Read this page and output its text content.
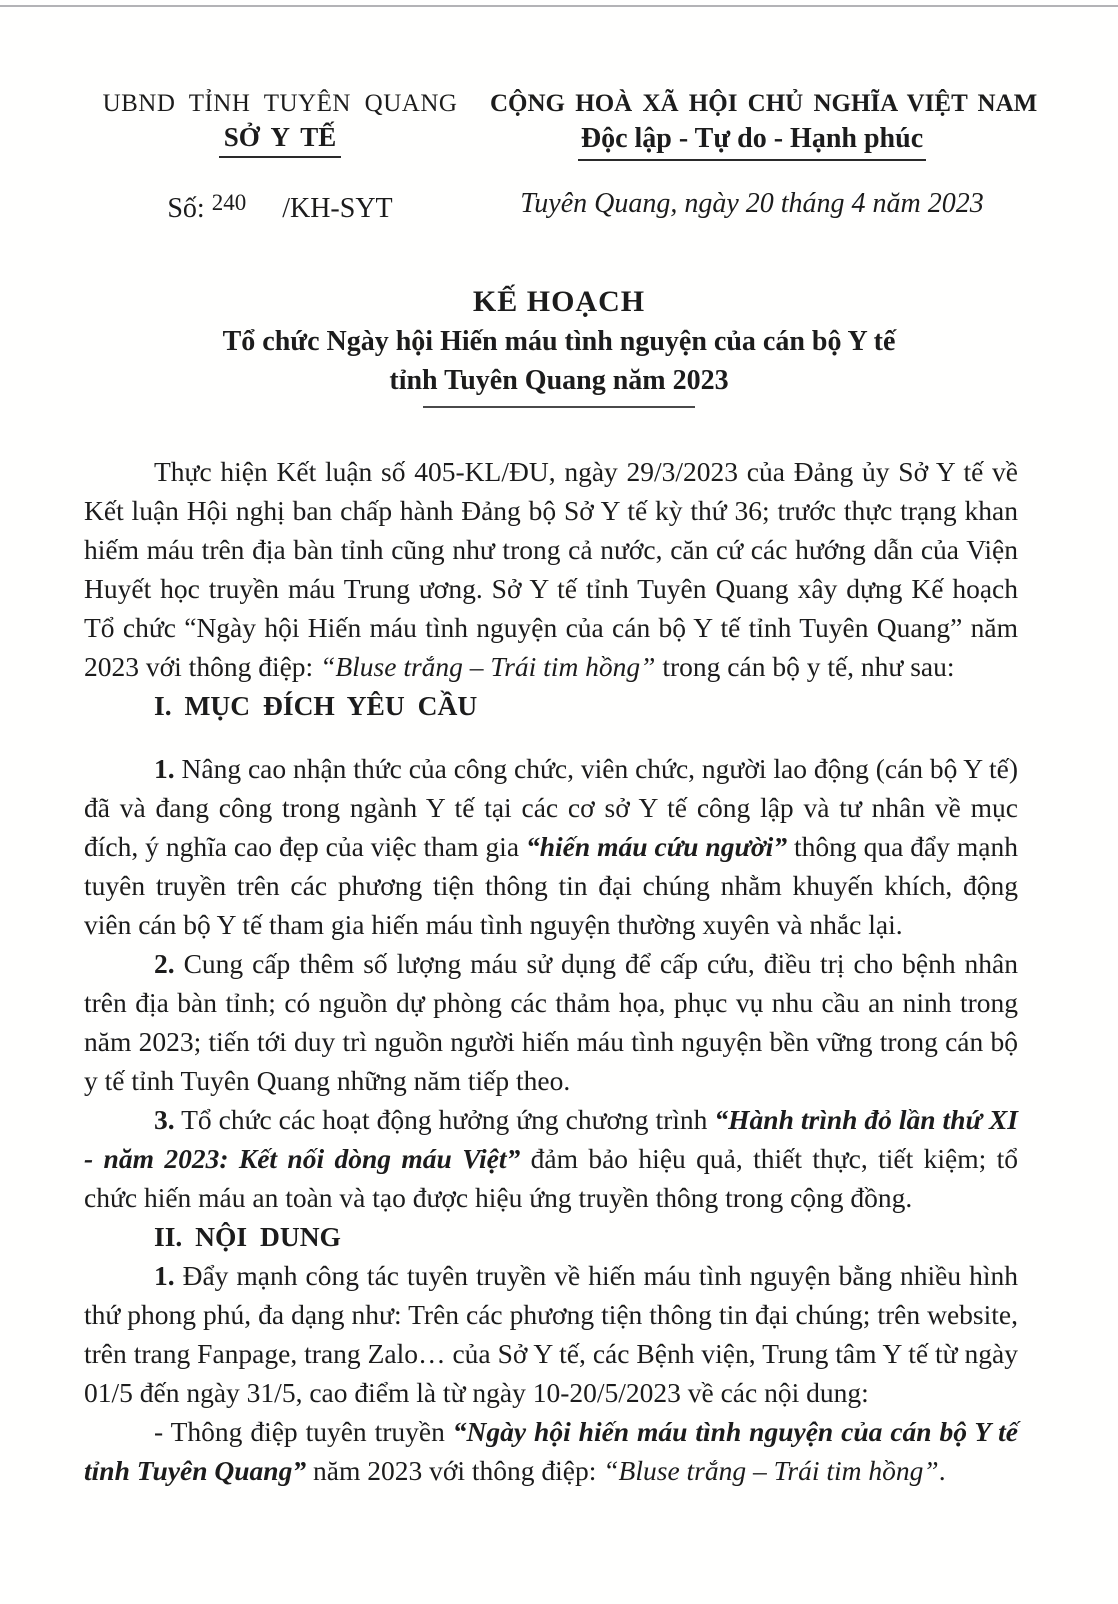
UBND TỈNH TUYÊN QUANG
SỞ Y TẾ
Số: $^{240}$ /KH-SYT
CỘNG HOÀ XÃ HỘI CHỦ NGHĨA VIỆT NAM
Độc lập - Tự do - Hạnh phúc
Tuyên Quang, ngày 20 tháng 4 năm 2023
KẾ HOẠCH
Tổ chức Ngày hội Hiến máu tình nguyện của cán bộ Y tế
tỉnh Tuyên Quang năm 2023

Thực hiện Kết luận số 405-KL/ĐU, ngày 29/3/2023 của Đảng ủy Sở Y tế về Kết luận Hội nghị ban chấp hành Đảng bộ Sở Y tế kỳ thứ 36; trước thực trạng khan hiếm máu trên địa bàn tỉnh cũng như trong cả nước, căn cứ các hướng dẫn của Viện Huyết học truyền máu Trung ương. Sở Y tế tỉnh Tuyên Quang xây dựng Kế hoạch Tổ chức “Ngày hội Hiến máu tình nguyện của cán bộ Y tế tỉnh Tuyên Quang” năm 2023 với thông điệp: “Bluse trắng – Trái tim hồng” trong cán bộ y tế, như sau:

I. MỤC ĐÍCH YÊU CẦU

1. Nâng cao nhận thức của công chức, viên chức, người lao động (cán bộ Y tế) đã và đang công trong ngành Y tế tại các cơ sở Y tế công lập và tư nhân về mục đích, ý nghĩa cao đẹp của việc tham gia “hiến máu cứu người” thông qua đẩy mạnh tuyên truyền trên các phương tiện thông tin đại chúng nhằm khuyến khích, động viên cán bộ Y tế tham gia hiến máu tình nguyện thường xuyên và nhắc lại.

2. Cung cấp thêm số lượng máu sử dụng để cấp cứu, điều trị cho bệnh nhân trên địa bàn tỉnh; có nguồn dự phòng các thảm họa, phục vụ nhu cầu an ninh trong năm 2023; tiến tới duy trì nguồn người hiến máu tình nguyện bền vững trong cán bộ y tế tỉnh Tuyên Quang những năm tiếp theo.

3. Tổ chức các hoạt động hưởng ứng chương trình “Hành trình đỏ lần thứ XI - năm 2023: Kết nối dòng máu Việt” đảm bảo hiệu quả, thiết thực, tiết kiệm; tổ chức hiến máu an toàn và tạo được hiệu ứng truyền thông trong cộng đồng.

II. NỘI DUNG

1. Đẩy mạnh công tác tuyên truyền về hiến máu tình nguyện bằng nhiều hình thứ phong phú, đa dạng như: Trên các phương tiện thông tin đại chúng; trên website, trên trang Fanpage, trang Zalo… của Sở Y tế, các Bệnh viện, Trung tâm Y tế từ ngày 01/5 đến ngày 31/5, cao điểm là từ ngày 10-20/5/2023 về các nội dung:

- Thông điệp tuyên truyền “Ngày hội hiến máu tình nguyện của cán bộ Y tế tỉnh Tuyên Quang” năm 2023 với thông điệp: “Bluse trắng – Trái tim hồng”.
